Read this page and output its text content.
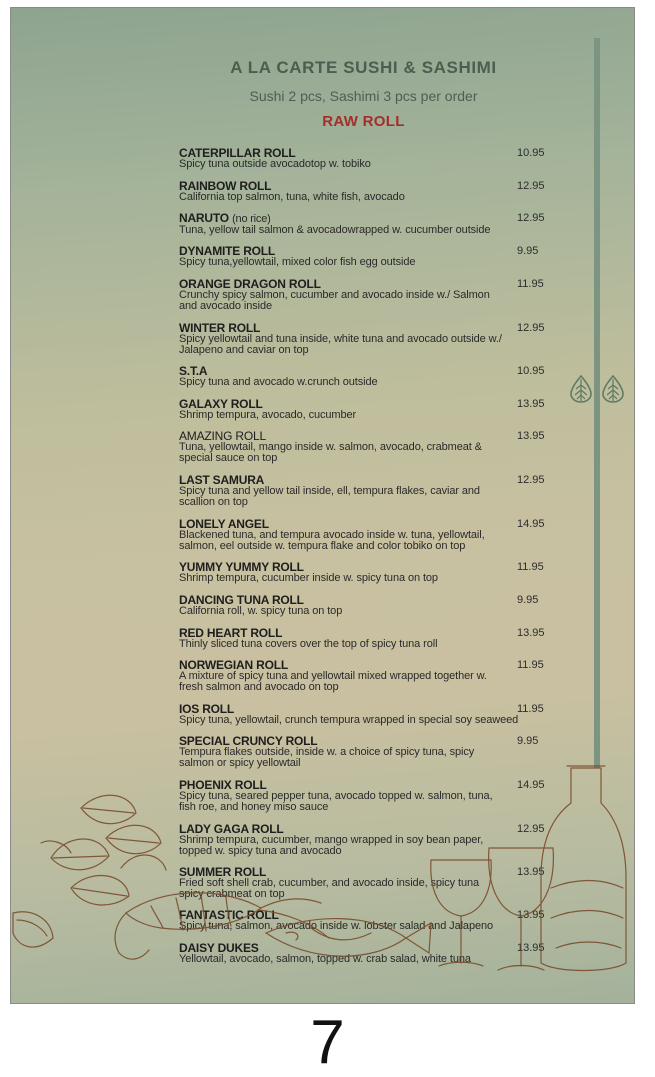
A LA CARTE SUSHI & SASHIMI
Sushi 2 pcs, Sashimi 3 pcs per order
RAW ROLL
CATERPILLAR ROLL	10.95
Spicy tuna outside avocadotop w. tobiko
RAINBOW ROLL	12.95
California top salmon, tuna, white fish, avocado
NARUTO (no rice)	12.95
Tuna, yellow tail salmon & avocadowrapped w. cucumber outside
DYNAMITE ROLL	9.95
Spicy tuna,yellowtail, mixed color fish egg outside
ORANGE DRAGON ROLL	11.95
Crunchy spicy salmon, cucumber and avocado inside w./ Salmon
and avocado inside
WINTER ROLL	12.95
Spicy yellowtail and tuna inside, white tuna and avocado outside w./
Jalapeno and caviar on top
S.T.A	10.95
Spicy tuna and avocado w.crunch outside
GALAXY ROLL	13.95
Shrimp tempura, avocado, cucumber
AMAZING ROLL	13.95
Tuna, yellowtail, mango inside w. salmon, avocado, crabmeat &
special sauce on top
LAST SAMURA	12.95
Spicy tuna and yellow tail inside, ell, tempura flakes, caviar and
scallion on top
LONELY ANGEL	14.95
Blackened tuna, and tempura avocado inside w. tuna, yellowtail,
salmon, eel outside w. tempura flake and color tobiko on top
YUMMY YUMMY ROLL	11.95
Shrimp tempura, cucumber inside w. spicy tuna on top
DANCING TUNA ROLL	9.95
California roll, w. spicy tuna on top
RED HEART ROLL	13.95
Thinly sliced tuna covers over the top of spicy tuna roll
NORWEGIAN ROLL	11.95
A mixture of spicy tuna and yellowtail mixed wrapped together w.
fresh salmon and avocado on top
IOS ROLL	11.95
Spicy tuna, yellowtail, crunch tempura wrapped in special soy seaweed
SPECIAL CRUNCY ROLL	9.95
Tempura flakes outside, inside w. a choice of spicy tuna, spicy
salmon or spicy yellowtail
PHOENIX ROLL	14.95
Spicy tuna, seared pepper tuna, avocado topped w. salmon, tuna,
fish roe, and honey miso sauce
LADY GAGA ROLL	12.95
Shrimp tempura, cucumber, mango wrapped in soy bean paper,
topped w. spicy tuna and avocado
SUMMER ROLL	13.95
Fried soft shell crab, cucumber, and avocado inside, spicy tuna
spicy crabmeat on top
FANTASTIC ROLL	13.95
Spicy tuna, salmon, avocado inside w. lobster salad and Jalapeno
DAISY DUKES	13.95
Yellowtail, avocado, salmon, topped w. crab salad, white tuna
7
